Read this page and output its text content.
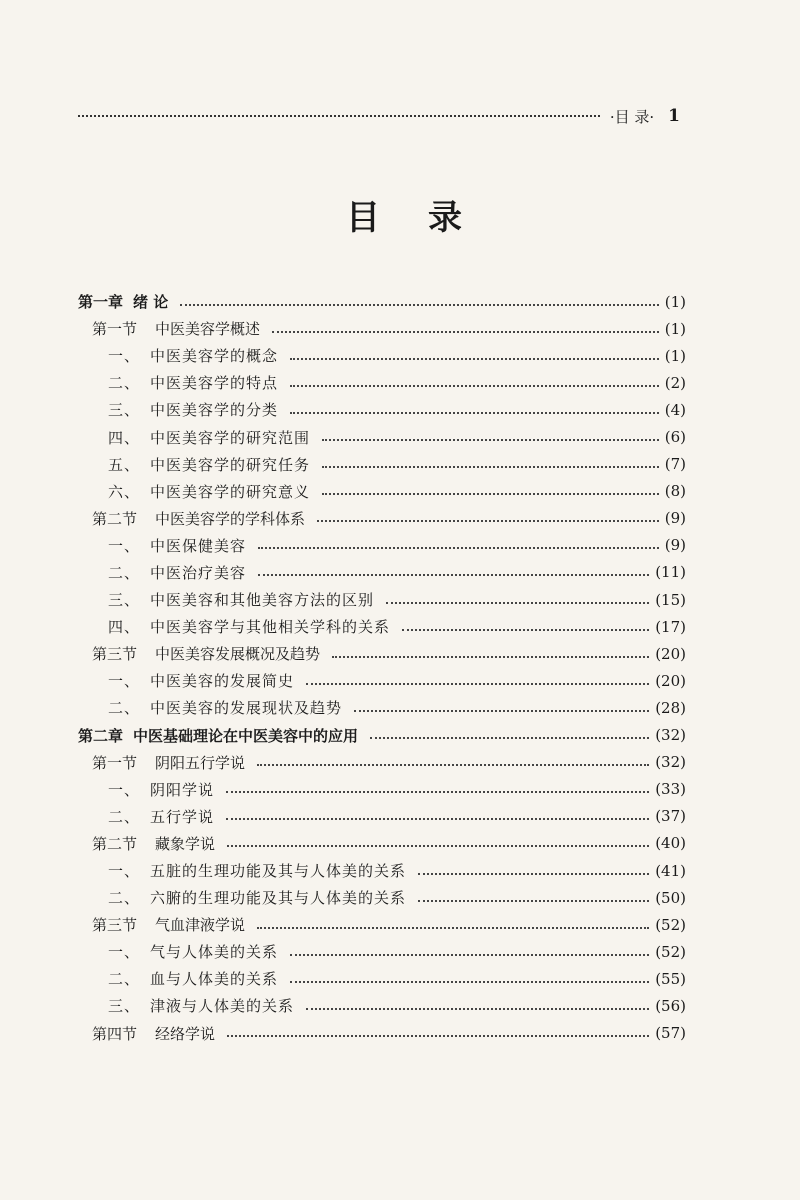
·目 录· 1
目录
第一章 绪 论	(1)
第一节 中医美容学概述	(1)
一、 中医美容学的概念	(1)
二、 中医美容学的特点	(2)
三、 中医美容学的分类	(4)
四、 中医美容学的研究范围	(6)
五、 中医美容学的研究任务	(7)
六、 中医美容学的研究意义	(8)
第二节 中医美容学的学科体系	(9)
一、 中医保健美容	(9)
二、 中医治疗美容	(11)
三、 中医美容和其他美容方法的区别	(15)
四、 中医美容学与其他相关学科的关系	(17)
第三节 中医美容发展概况及趋势	(20)
一、 中医美容的发展简史	(20)
二、 中医美容的发展现状及趋势	(28)
第二章 中医基础理论在中医美容中的应用	(32)
第一节 阴阳五行学说	(32)
一、 阴阳学说	(33)
二、 五行学说	(37)
第二节 藏象学说	(40)
一、 五脏的生理功能及其与人体美的关系	(41)
二、 六腑的生理功能及其与人体美的关系	(50)
第三节 气血津液学说	(52)
一、 气与人体美的关系	(52)
二、 血与人体美的关系	(55)
三、 津液与人体美的关系	(56)
第四节 经络学说	(57)
